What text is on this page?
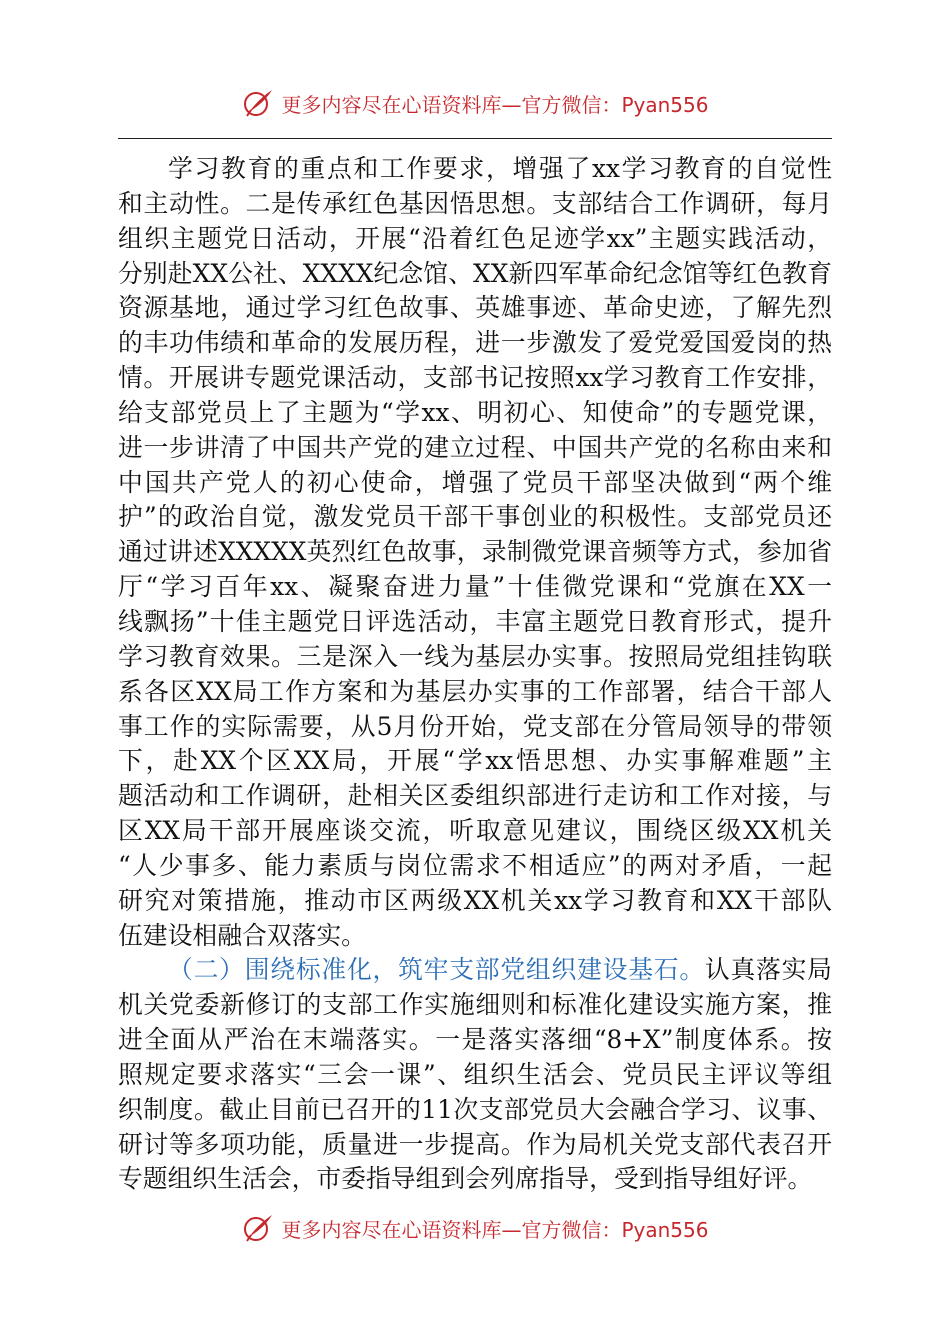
更多内容尽在心语资料库—官方微信：Pyan556
学习教育的重点和工作要求，增强了xx学习教育的自觉性
和主动性。二是传承红色基因悟思想。支部结合工作调研，每月
组织主题党日活动，开展“沿着红色足迹学xx”主题实践活动，
分别赴XX公社、XXXX纪念馆、XX新四军革命纪念馆等红色教育
资源基地，通过学习红色故事、英雄事迹、革命史迹，了解先烈
的丰功伟绩和革命的发展历程，进一步激发了爱党爱国爱岗的热
情。开展讲专题党课活动，支部书记按照xx学习教育工作安排，
给支部党员上了主题为“学xx、明初心、知使命”的专题党课，
进一步讲清了中国共产党的建立过程、中国共产党的名称由来和
中国共产党人的初心使命，增强了党员干部坚决做到“两个维
护”的政治自觉，激发党员干部干事创业的积极性。支部党员还
通过讲述XXXXX英烈红色故事，录制微党课音频等方式，参加省
厅“学习百年xx、凝聚奋进力量”十佳微党课和“党旗在XX一
线飘扬”十佳主题党日评选活动，丰富主题党日教育形式，提升
学习教育效果。三是深入一线为基层办实事。按照局党组挂钩联
系各区XX局工作方案和为基层办实事的工作部署，结合干部人
事工作的实际需要，从5月份开始，党支部在分管局领导的带领
下，赴XX个区XX局，开展“学xx悟思想、办实事解难题”主
题活动和工作调研，赴相关区委组织部进行走访和工作对接，与
区XX局干部开展座谈交流，听取意见建议，围绕区级XX机关
“人少事多、能力素质与岗位需求不相适应”的两对矛盾，一起
研究对策措施，推动市区两级XX机关xx学习教育和XX干部队
伍建设相融合双落实。
（二）围绕标准化，筑牢支部党组织建设基石。认真落实局
机关党委新修订的支部工作实施细则和标准化建设实施方案，推
进全面从严治在末端落实。一是落实落细“8+X”制度体系。按
照规定要求落实“三会一课”、组织生活会、党员民主评议等组
织制度。截止目前已召开的11次支部党员大会融合学习、议事、
研讨等多项功能，质量进一步提高。作为局机关党支部代表召开
专题组织生活会，市委指导组到会列席指导，受到指导组好评。
更多内容尽在心语资料库—官方微信：Pyan556
